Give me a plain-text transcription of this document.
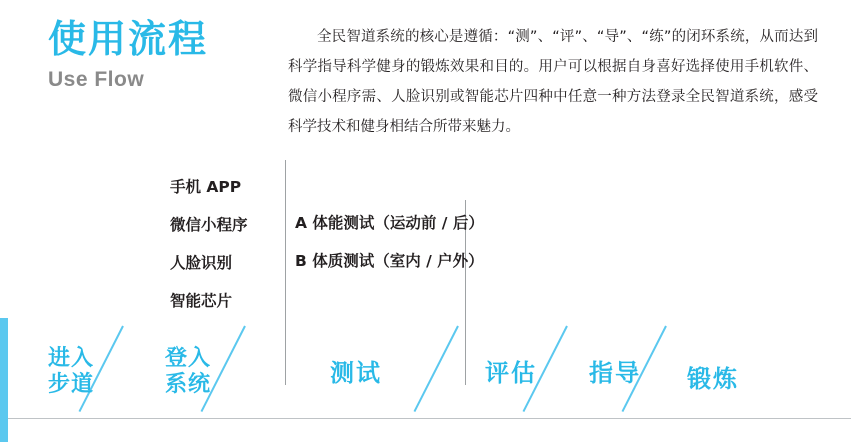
使用流程
Use Flow
全民智道系统的核心是遵循：“测”、“评”、“导”、“练”的闭环系统，从而达到科学指导科学健身的锻炼效果和目的。用户可以根据自身喜好选择使用手机软件、微信小程序需、人脸识别或智能芯片四种中任意一种方法登录全民智道系统，感受科学技术和健身相结合所带来魅力。
手机 APP
微信小程序
人脸识别
智能芯片
A 体能测试（运动前 / 后）
B 体质测试（室内 / 户外）
进入
步道
登入
系统	测试	评估 指导 锻炼
